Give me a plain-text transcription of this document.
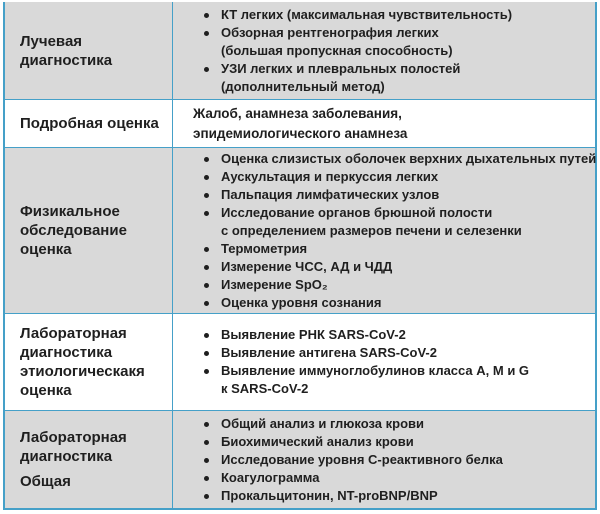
Лучевая
диагностика
КТ легких (максимальная чувствительность)
Обзорная рентгенография легких
(большая пропускная способность)
УЗИ легких и плевральных полостей
(дополнительный метод)
Подробная оценка
Жалоб, анамнеза заболевания,
эпидемиологического анамнеза
Физикальное
обследование
оценка
Оценка слизистых оболочек верхних дыхательных путей
Аускультация и перкуссия легких
Пальпация лимфатических узлов
Исследование органов брюшной полости
с определением размеров печени и селезенки
Термометрия
Измерение ЧСС, АД и ЧДД
Измерение SpO₂
Оценка уровня сознания
Лабораторная
диагностика
этиологическакя
оценка
Выявление РНК SARS-CoV-2
Выявление антигена SARS-CoV-2
Выявление иммуноглобулинов класса A, M и G
к SARS-CoV-2
Лабораторная
диагностика
Общая
Общий анализ и глюкоза крови
Биохимический анализ крови
Исследование уровня С-реактивного белка
Коагулограмма
Прокальцитонин, NT-proBNP/BNP
